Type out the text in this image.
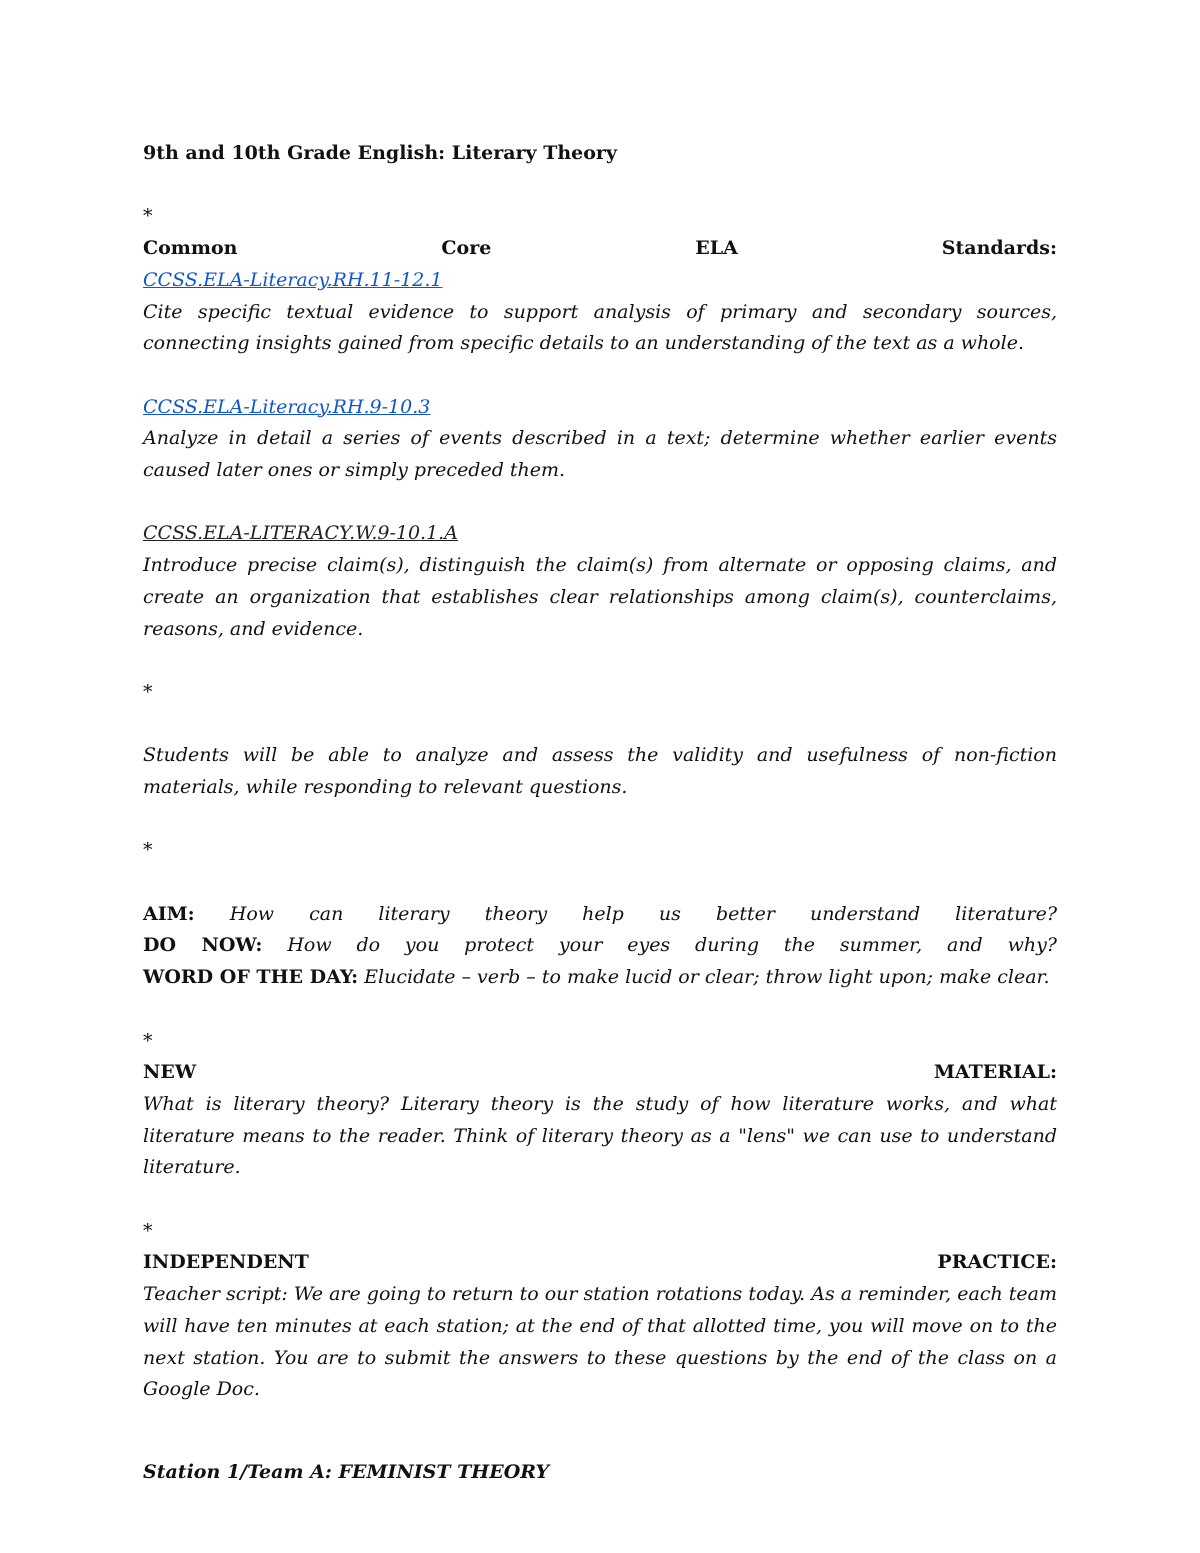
9th and 10th Grade English: Literary Theory

*

Common	Core	ELA	Standards:
CCSS.ELA-Literacy.RH.11-12.1

Cite specific textual evidence to support analysis of primary and secondary sources, connecting insights gained from specific details to an understanding of the text as a whole.

CCSS.ELA-Literacy.RH.9-10.3

Analyze in detail a series of events described in a text; determine whether earlier events caused later ones or simply preceded them.

CCSS.ELA-LITERACY.W.9-10.1.A

Introduce precise claim(s), distinguish the claim(s) from alternate or opposing claims, and create an organization that establishes clear relationships among claim(s), counterclaims, reasons, and evidence.

*

Students will be able to analyze and assess the validity and usefulness of non-fiction materials, while responding to relevant questions.

*

AIM: How can literary theory help us better understand literature?

DO NOW: How do you protect your eyes during the summer, and why?

WORD OF THE DAY: Elucidate – verb – to make lucid or clear; throw light upon; make clear.

*

NEW	MATERIAL:

What is literary theory? Literary theory is the study of how literature works, and what literature means to the reader. Think of literary theory as a "lens" we can use to understand literature.

*

INDEPENDENT	PRACTICE:

Teacher script: We are going to return to our station rotations today. As a reminder, each team will have ten minutes at each station; at the end of that allotted time, you will move on to the next station. You are to submit the answers to these questions by the end of the class on a Google Doc.

Station 1/Team A: FEMINIST THEORY
